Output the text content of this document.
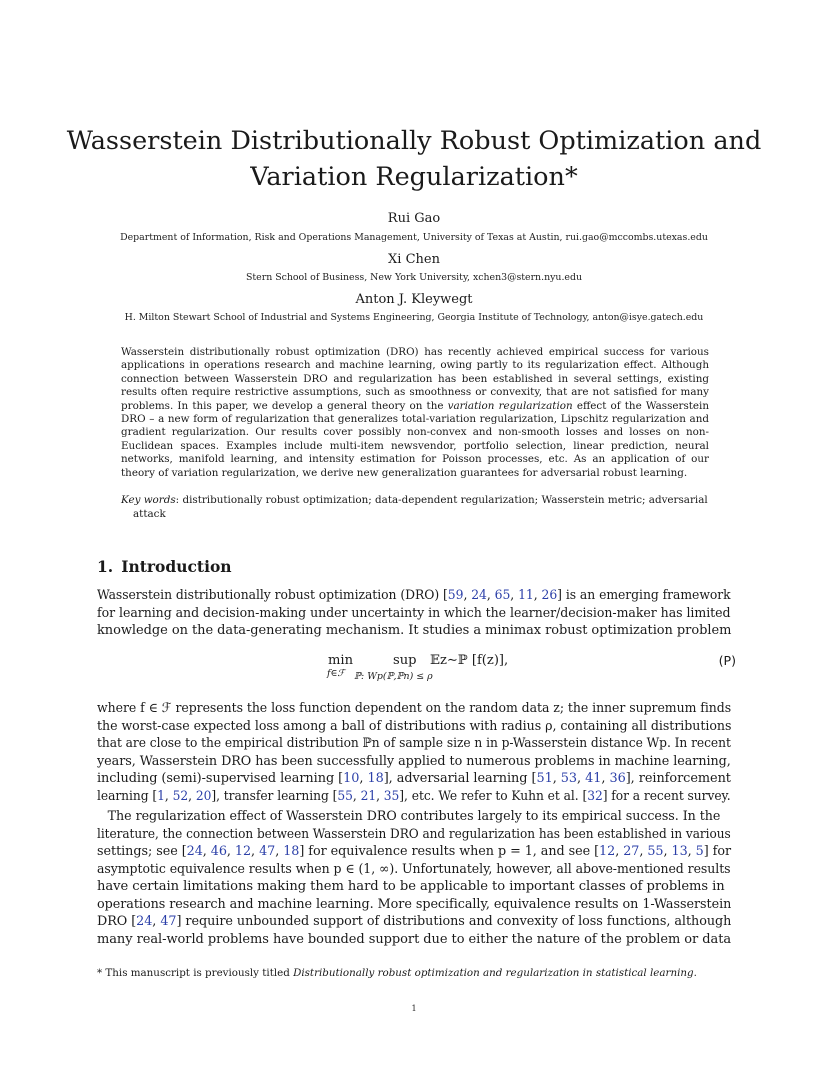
Wasserstein Distributionally Robust Optimization and
Variation Regularization*
Rui Gao
Department of Information, Risk and Operations Management, University of Texas at Austin, rui.gao@mccombs.utexas.edu
Xi Chen
Stern School of Business, New York University, xchen3@stern.nyu.edu
Anton J. Kleywegt
H. Milton Stewart School of Industrial and Systems Engineering, Georgia Institute of Technology, anton@isye.gatech.edu
Wasserstein distributionally robust optimization (DRO) has recently achieved empirical success for various applications in operations research and machine learning, owing partly to its regularization effect. Although connection between Wasserstein DRO and regularization has been established in several settings, existing results often require restrictive assumptions, such as smoothness or convexity, that are not satisfied for many problems. In this paper, we develop a general theory on the variation regularization effect of the Wasserstein DRO – a new form of regularization that generalizes total-variation regularization, Lipschitz regularization and gradient regularization. Our results cover possibly non-convex and non-smooth losses and losses on non-Euclidean spaces. Examples include multi-item newsvendor, portfolio selection, linear prediction, neural networks, manifold learning, and intensity estimation for Poisson processes, etc. As an application of our theory of variation regularization, we derive new generalization guarantees for adversarial robust learning.
Key words: distributionally robust optimization; data-dependent regularization; Wasserstein metric; adversarial
attack
1. Introduction
Wasserstein distributionally robust optimization (DRO) [59, 24, 65, 11, 26] is an emerging framework
for learning and decision-making under uncertainty in which the learner/decision-maker has limited
knowledge on the data-generating mechanism. It studies a minimax robust optimization problem
min	sup 𝔼z∼ℙ [f(z)],
f∈ℱ ℙ: Wp(ℙ,ℙn) ≤ ρ
(P)
where f ∈ ℱ represents the loss function dependent on the random data z; the inner supremum finds
the worst-case expected loss among a ball of distributions with radius ρ, containing all distributions
that are close to the empirical distribution ℙn of sample size n in p-Wasserstein distance Wp. In recent
years, Wasserstein DRO has been successfully applied to numerous problems in machine learning,
including (semi)-supervised learning [10, 18], adversarial learning [51, 53, 41, 36], reinforcement
learning [1, 52, 20], transfer learning [55, 21, 35], etc. We refer to Kuhn et al. [32] for a recent survey.
The regularization effect of Wasserstein DRO contributes largely to its empirical success. In the
literature, the connection between Wasserstein DRO and regularization has been established in various
settings; see [24, 46, 12, 47, 18] for equivalence results when p = 1, and see [12, 27, 55, 13, 5] for
asymptotic equivalence results when p ∈ (1, ∞). Unfortunately, however, all above-mentioned results
have certain limitations making them hard to be applicable to important classes of problems in
operations research and machine learning. More specifically, equivalence results on 1-Wasserstein
DRO [24, 47] require unbounded support of distributions and convexity of loss functions, although
many real-world problems have bounded support due to either the nature of the problem or data
* This manuscript is previously titled Distributionally robust optimization and regularization in statistical learning.
1
